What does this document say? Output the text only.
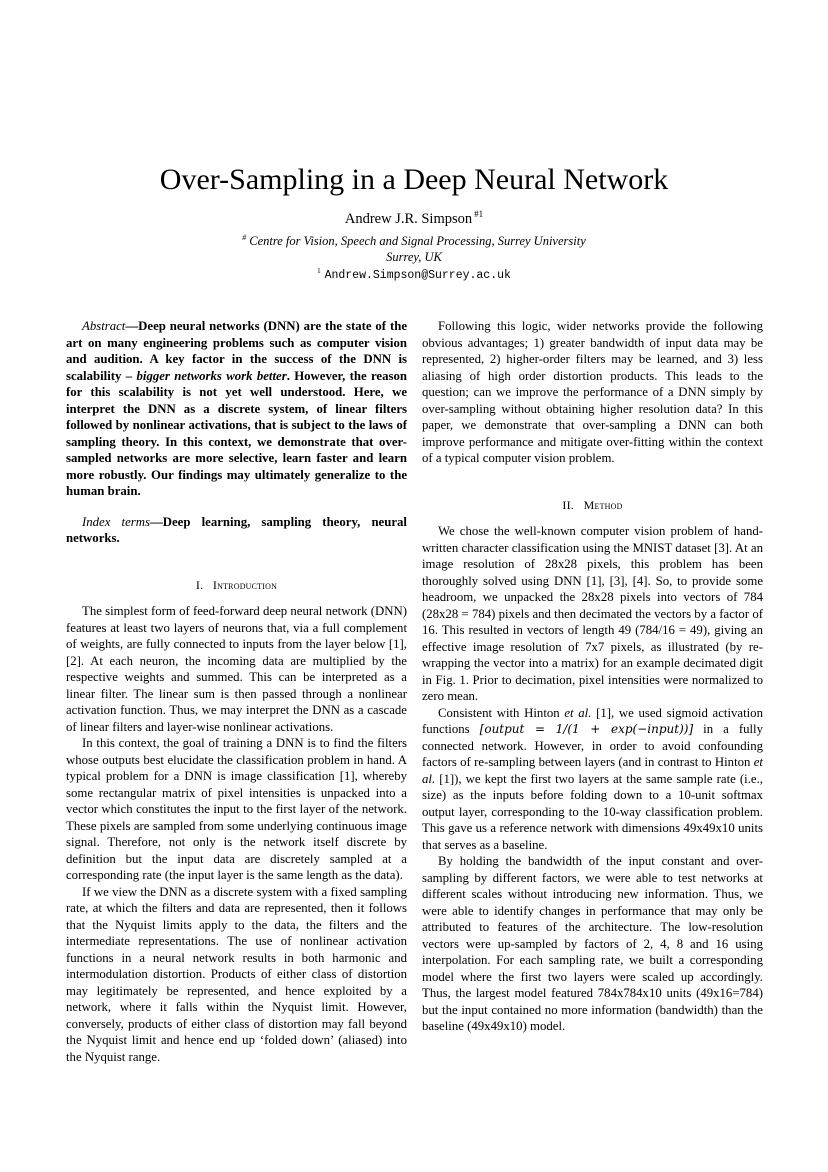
Over-Sampling in a Deep Neural Network
Andrew J.R. Simpson $^{\#1}$
# Centre for Vision, Speech and Signal Processing, Surrey University
Surrey, UK
$^1$ Andrew.Simpson@Surrey.ac.uk

Abstract—Deep neural networks (DNN) are the state of the art on many engineering problems such as computer vision and audition. A key factor in the success of the DNN is scalability – bigger networks work better. However, the reason for this scalability is not yet well understood. Here, we interpret the DNN as a discrete system, of linear filters followed by nonlinear activations, that is subject to the laws of sampling theory. In this context, we demonstrate that over-sampled networks are more selective, learn faster and learn more robustly. Our findings may ultimately generalize to the human brain.

Index terms—Deep learning, sampling theory, neural networks.

I. Introduction

The simplest form of feed-forward deep neural network (DNN) features at least two layers of neurons that, via a full complement of weights, are fully connected to inputs from the layer below [1], [2]. At each neuron, the incoming data are multiplied by the respective weights and summed. This can be interpreted as a linear filter. The linear sum is then passed through a nonlinear activation function. Thus, we may interpret the DNN as a cascade of linear filters and layer-wise nonlinear activations.

In this context, the goal of training a DNN is to find the filters whose outputs best elucidate the classification problem in hand. A typical problem for a DNN is image classification [1], whereby some rectangular matrix of pixel intensities is unpacked into a vector which constitutes the input to the first layer of the network. These pixels are sampled from some underlying continuous image signal. Therefore, not only is the network itself discrete by definition but the input data are discretely sampled at a corresponding rate (the input layer is the same length as the data).

If we view the DNN as a discrete system with a fixed sampling rate, at which the filters and data are represented, then it follows that the Nyquist limits apply to the data, the filters and the intermediate representations. The use of nonlinear activation functions in a neural network results in both harmonic and intermodulation distortion. Products of either class of distortion may legitimately be represented, and hence exploited by a network, where it falls within the Nyquist limit. However, conversely, products of either class of distortion may fall beyond the Nyquist limit and hence end up ‘folded down’ (aliased) into the Nyquist range.

Following this logic, wider networks provide the following obvious advantages; 1) greater bandwidth of input data may be represented, 2) higher-order filters may be learned, and 3) less aliasing of high order distortion products. This leads to the question; can we improve the performance of a DNN simply by over-sampling without obtaining higher resolution data? In this paper, we demonstrate that over-sampling a DNN can both improve performance and mitigate over-fitting within the context of a typical computer vision problem.

II. Method

We chose the well-known computer vision problem of hand-written character classification using the MNIST dataset [3]. At an image resolution of 28x28 pixels, this problem has been thoroughly solved using DNN [1], [3], [4]. So, to provide some headroom, we unpacked the 28x28 pixels into vectors of 784 (28x28 = 784) pixels and then decimated the vectors by a factor of 16. This resulted in vectors of length 49 (784/16 = 49), giving an effective image resolution of 7x7 pixels, as illustrated (by re-wrapping the vector into a matrix) for an example decimated digit in Fig. 1. Prior to decimation, pixel intensities were normalized to zero mean.

Consistent with Hinton et al. [1], we used sigmoid activation functions [output = 1/(1 + exp(−input))] in a fully connected network. However, in order to avoid confounding factors of re-sampling between layers (and in contrast to Hinton et al. [1]), we kept the first two layers at the same sample rate (i.e., size) as the inputs before folding down to a 10-unit softmax output layer, corresponding to the 10-way classification problem. This gave us a reference network with dimensions 49x49x10 units that serves as a baseline.

By holding the bandwidth of the input constant and over-sampling by different factors, we were able to test networks at different scales without introducing new information. Thus, we were able to identify changes in performance that may only be attributed to features of the architecture. The low-resolution vectors were up-sampled by factors of 2, 4, 8 and 16 using interpolation. For each sampling rate, we built a corresponding model where the first two layers were scaled up accordingly. Thus, the largest model featured 784x784x10 units (49x16=784) but the input contained no more information (bandwidth) than the baseline (49x49x10) model.
